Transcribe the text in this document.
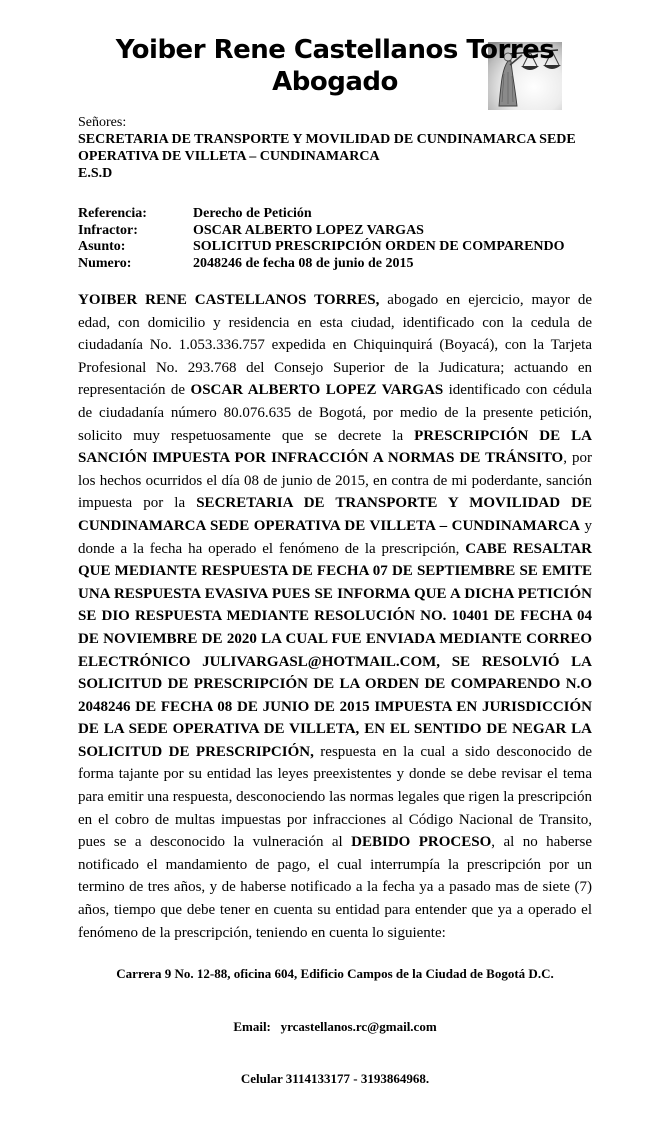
Yoiber Rene Castellanos Torres
Abogado
Señores:
SECRETARIA DE TRANSPORTE Y MOVILIDAD DE CUNDINAMARCA SEDE
OPERATIVA DE VILLETA – CUNDINAMARCA
E.S.D
Referencia:	Derecho de Petición
Infractor:	OSCAR ALBERTO LOPEZ VARGAS
Asunto:	SOLICITUD PRESCRIPCIÓN ORDEN DE COMPARENDO
Numero:	2048246 de fecha 08 de junio de 2015
YOIBER RENE CASTELLANOS TORRES, abogado en ejercicio, mayor de edad, con domicilio y residencia en esta ciudad, identificado con la cedula de ciudadanía No. 1.053.336.757 expedida en Chiquinquirá (Boyacá), con la Tarjeta Profesional No. 293.768 del Consejo Superior de la Judicatura; actuando en representación de OSCAR ALBERTO LOPEZ VARGAS identificado con cédula de ciudadanía número 80.076.635 de Bogotá, por medio de la presente petición, solicito muy respetuosamente que se decrete la PRESCRIPCIÓN DE LA SANCIÓN IMPUESTA POR INFRACCIÓN A NORMAS DE TRÁNSITO, por los hechos ocurridos el día 08 de junio de 2015, en contra de mi poderdante, sanción impuesta por la SECRETARIA DE TRANSPORTE Y MOVILIDAD DE CUNDINAMARCA SEDE OPERATIVA DE VILLETA – CUNDINAMARCA y donde a la fecha ha operado el fenómeno de la prescripción, CABE RESALTAR QUE MEDIANTE RESPUESTA DE FECHA 07 DE SEPTIEMBRE SE EMITE UNA RESPUESTA EVASIVA PUES SE INFORMA QUE A DICHA PETICIÓN SE DIO RESPUESTA MEDIANTE RESOLUCIÓN NO. 10401 DE FECHA 04 DE NOVIEMBRE DE 2020 LA CUAL FUE ENVIADA MEDIANTE CORREO ELECTRÓNICO JULIVARGASL@HOTMAIL.COM, SE RESOLVIÓ LA SOLICITUD DE PRESCRIPCIÓN DE LA ORDEN DE COMPARENDO N.O 2048246 DE FECHA 08 DE JUNIO DE 2015 IMPUESTA EN JURISDICCIÓN DE LA SEDE OPERATIVA DE VILLETA, EN EL SENTIDO DE NEGAR LA SOLICITUD DE PRESCRIPCIÓN, respuesta en la cual a sido desconocido de forma tajante por su entidad las leyes preexistentes y donde se debe revisar el tema para emitir una respuesta, desconociendo las normas legales que rigen la prescripción en el cobro de multas impuestas por infracciones al Código Nacional de Transito, pues se a desconocido la vulneración al DEBIDO PROCESO, al no haberse notificado el mandamiento de pago, el cual interrumpía la prescripción por un termino de tres años, y de haberse notificado a la fecha ya a pasado mas de siete (7) años, tiempo que debe tener en cuenta su entidad para entender que ya a operado el fenómeno de la prescripción, teniendo en cuenta lo siguiente:

Carrera 9 No. 12-88, oficina 604, Edificio Campos de la Ciudad de Bogotá D.C.

Email:   yrcastellanos.rc@gmail.com

Celular 3114133177 - 3193864968.
